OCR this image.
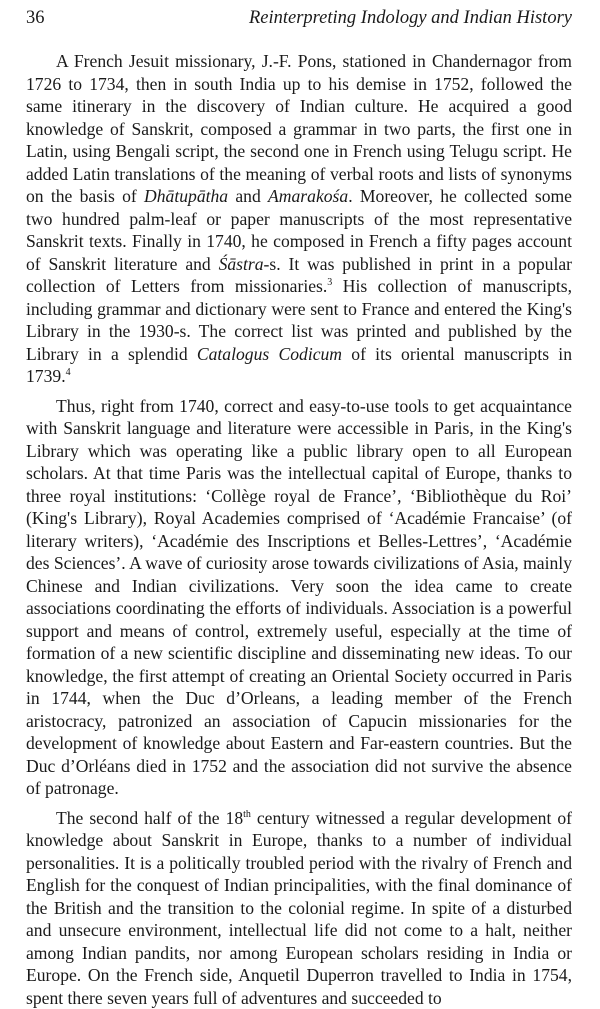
36	Reinterpreting Indology and Indian History

A French Jesuit missionary, J.-F. Pons, stationed in Chandernagor from 1726 to 1734, then in south India up to his demise in 1752, followed the same itinerary in the discovery of Indian culture. He acquired a good knowledge of Sanskrit, composed a grammar in two parts, the first one in Latin, using Bengali script, the second one in French using Telugu script. He added Latin translations of the meaning of verbal roots and lists of synonyms on the basis of Dhātupātha and Amarakośa. Moreover, he collected some two hundred palm-leaf or paper manuscripts of the most representative Sanskrit texts. Finally in 1740, he composed in French a fifty pages account of Sanskrit literature and Śāstra-s. It was published in print in a popular collection of Letters from missionaries.$^3$ His collection of manuscripts, including grammar and dictionary were sent to France and entered the King's Library in the 1930-s. The correct list was printed and published by the Library in a splendid Catalogus Codicum of its oriental manuscripts in 1739.$^4$

Thus, right from 1740, correct and easy-to-use tools to get acquaintance with Sanskrit language and literature were accessible in Paris, in the King's Library which was operating like a public library open to all European scholars. At that time Paris was the intellectual capital of Europe, thanks to three royal institutions: ‘Collège royal de France’, ‘Bibliothèque du Roi’ (King's Library), Royal Academies comprised of ‘Académie Francaise’ (of literary writers), ‘Académie des Inscriptions et Belles-Lettres’, ‘Académie des Sciences’. A wave of curiosity arose towards civilizations of Asia, mainly Chinese and Indian civilizations. Very soon the idea came to create associations coordinating the efforts of individuals. Association is a powerful support and means of control, extremely useful, especially at the time of formation of a new scientific discipline and disseminating new ideas. To our knowledge, the first attempt of creating an Oriental Society occurred in Paris in 1744, when the Duc d’Orleans, a leading member of the French aristocracy, patronized an association of Capucin missionaries for the development of knowledge about Eastern and Far-eastern countries. But the Duc d’Orléans died in 1752 and the association did not survive the absence of patronage.

The second half of the 18th century witnessed a regular development of knowledge about Sanskrit in Europe, thanks to a number of individual personalities. It is a politically troubled period with the rivalry of French and English for the conquest of Indian principalities, with the final dominance of the British and the transition to the colonial regime. In spite of a disturbed and unsecure environment, intellectual life did not come to a halt, neither among Indian pandits, nor among European scholars residing in India or Europe. On the French side, Anquetil Duperron travelled to India in 1754, spent there seven years full of adventures and succeeded to
